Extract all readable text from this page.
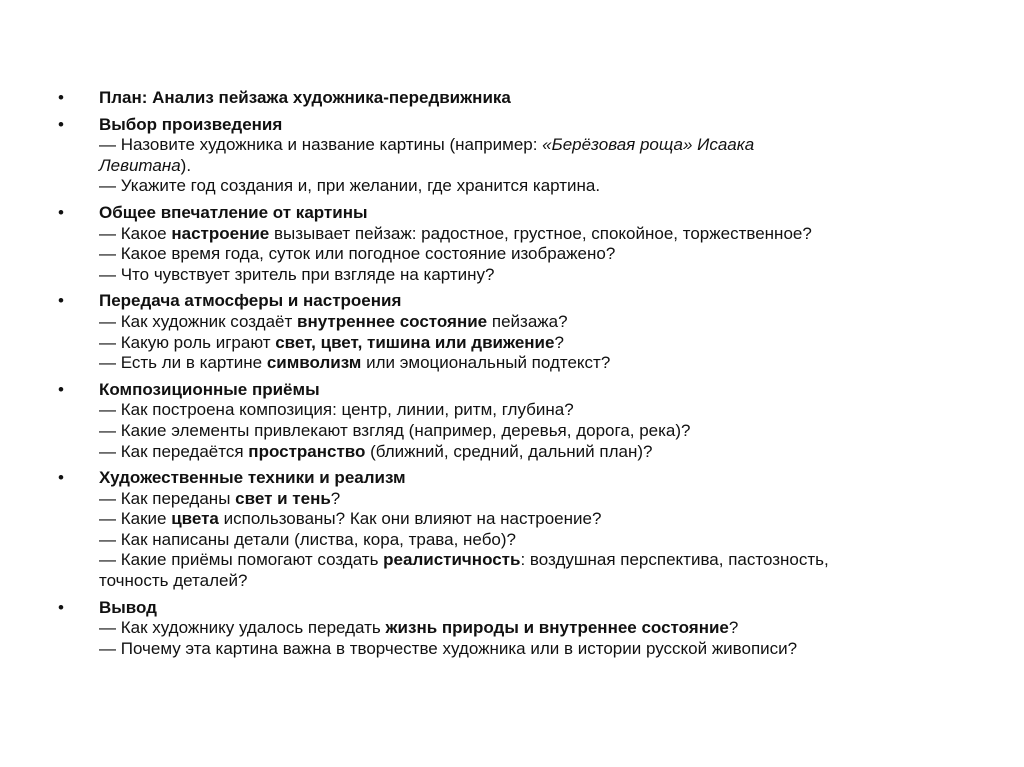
• План: Анализ пейзажа художника-передвижника
• Выбор произведения
— Назовите художника и название картины (например: «Берёзовая роща» Исаака
Левитана).
— Укажите год создания и, при желании, где хранится картина.
• Общее впечатление от картины
— Какое настроение вызывает пейзаж: радостное, грустное, спокойное, торжественное?
— Какое время года, суток или погодное состояние изображено?
— Что чувствует зритель при взгляде на картину?
• Передача атмосферы и настроения
— Как художник создаёт внутреннее состояние пейзажа?
— Какую роль играют свет, цвет, тишина или движение?
— Есть ли в картине символизм или эмоциональный подтекст?
• Композиционные приёмы
— Как построена композиция: центр, линии, ритм, глубина?
— Какие элементы привлекают взгляд (например, деревья, дорога, река)?
— Как передаётся пространство (ближний, средний, дальний план)?
• Художественные техники и реализм
— Как переданы свет и тень?
— Какие цвета использованы? Как они влияют на настроение?
— Как написаны детали (листва, кора, трава, небо)?
— Какие приёмы помогают создать реалистичность: воздушная перспектива, пастозность,
точность деталей?
• Вывод
— Как художнику удалось передать жизнь природы и внутреннее состояние?
— Почему эта картина важна в творчестве художника или в истории русской живописи?
